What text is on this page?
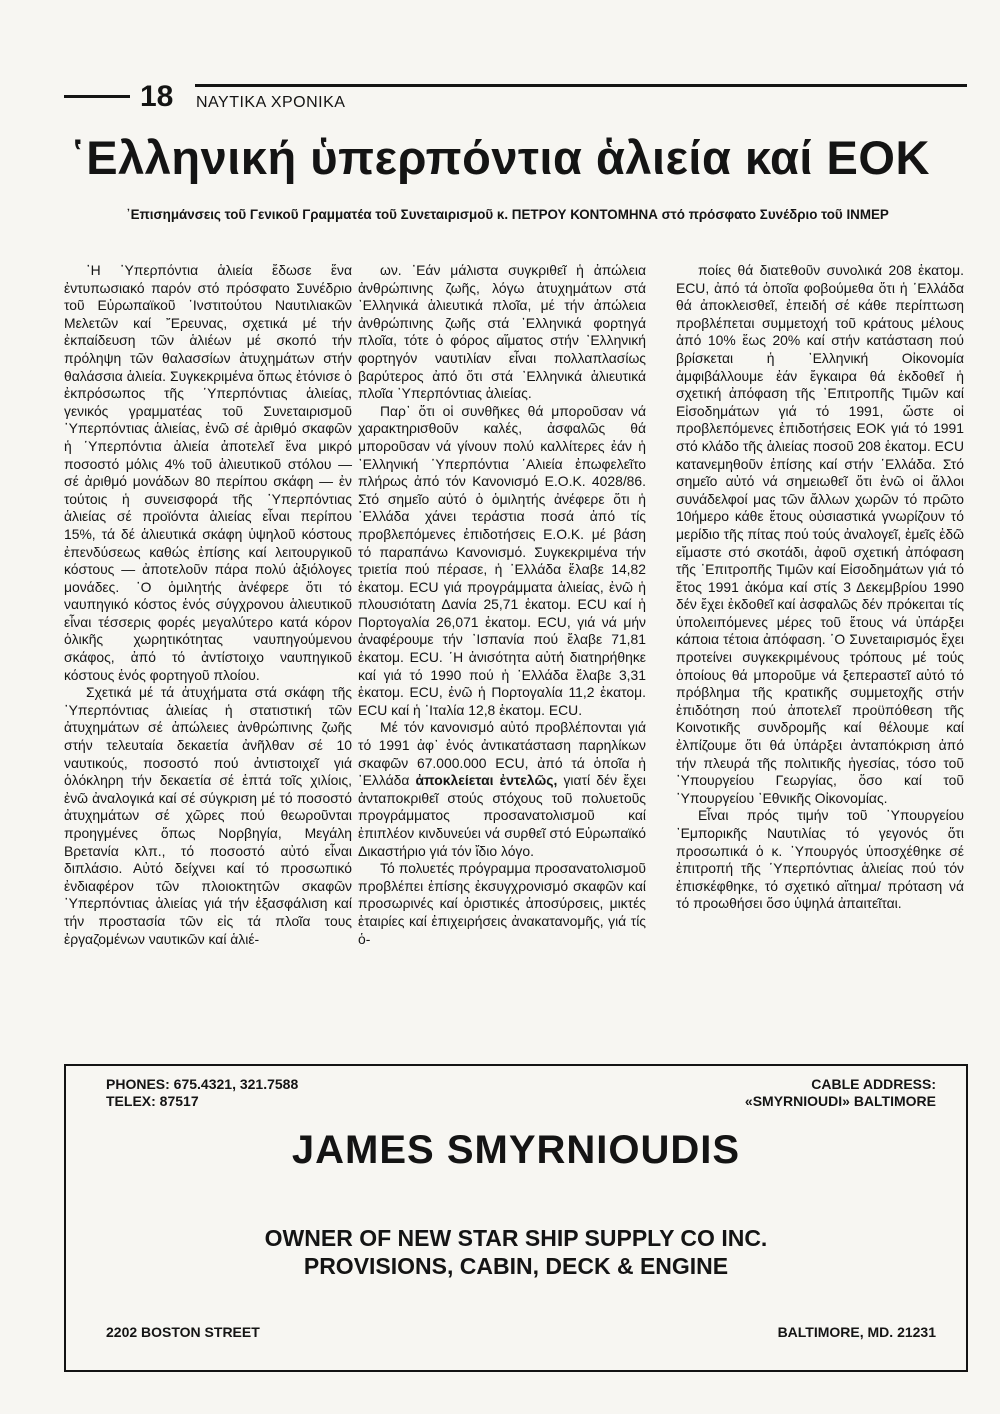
18 ΝΑΥΤΙΚΑ ΧΡΟΝΙΚΑ
῾Ελληνική ὑπερπόντια ἁλιεία καί ΕΟΚ
᾽Επισημάνσεις τοῦ Γενικοῦ Γραμματέα τοῦ Συνεταιρισμοῦ κ. ΠΕΤΡΟΥ ΚΟΝΤΟΜΗΝΑ στό πρόσφατο Συνέδριο τοῦ ΙΝΜΕΡ

῾Η ῾Υπερπόντια ἁλιεία ἔδωσε ἕνα ἐντυπωσιακό παρόν στό πρόσφατο Συνέδριο τοῦ Εὐρωπαϊκοῦ ᾽Ινστιτούτου Ναυτιλιακῶν Μελετῶν καί ῎Ερευνας, σχετικά μέ τήν ἐκπαίδευση τῶν ἁλιέων μέ σκοπό τήν πρόληψη τῶν θαλασσίων ἀτυχημάτων στήν θαλάσσια ἁλιεία. Συγκεκριμένα ὅπως ἐτόνισε ὁ ἐκπρόσωπος τῆς ῾Υπερπόντιας ἁλιείας, γενικός γραμματέας τοῦ Συνεταιρισμοῦ ῾Υπερπόντιας ἁλιείας, ἐνῶ σέ ἀριθμό σκαφῶν ἡ ῾Υπερπόντια ἁλιεία ἀποτελεῖ ἕνα μικρό ποσοστό μόλις 4% τοῦ ἁλιευτικοῦ στόλου — σέ ἀριθμό μονάδων 80 περίπου σκάφη — ἐν τούτοις ἡ συνεισφορά τῆς ῾Υπερπόντιας ἁλιείας σέ προϊόντα ἁλιείας εἶναι περίπου 15%, τά δέ ἁλιευτικά σκάφη ὑψηλοῦ κόστους ἐπενδύσεως καθώς ἐπίσης καί λειτουργικοῦ κόστους — ἀποτελοῦν πάρα πολύ ἀξιόλογες μονάδες. ῾Ο ὁμιλητής ἀνέφερε ὅτι τό ναυπηγικό κόστος ἑνός σύγχρονου ἁλιευτικοῦ εἶναι τέσσερις φορές μεγαλύτερο κατά κόρον ὁλικῆς χωρητικότητας ναυπηγούμενου σκάφος, ἀπό τό ἀντίστοιχο ναυπηγικοῦ κόστους ἑνός φορτηγοῦ πλοίου.

Σχετικά μέ τά ἀτυχήματα στά σκάφη τῆς ῾Υπερπόντιας ἁλιείας ἡ στατιστική τῶν ἀτυχημάτων σέ ἀπώλειες ἀνθρώπινης ζωῆς στήν τελευταία δεκαετία ἀνῆλθαν σέ 10 ναυτικούς, ποσοστό πού ἀντιστοιχεῖ γιά ὁλόκληρη τήν δεκαετία σέ ἑπτά τοῖς χιλίοις, ἐνῶ ἀναλογικά καί σέ σύγκριση μέ τό ποσοστό ἀτυχημάτων σέ χῶρες πού θεωροῦνται προηγμένες ὅπως Νορβηγία, Μεγάλη Βρετανία κλπ., τό ποσοστό αὐτό εἶναι διπλάσιο. Αὐτό δείχνει καί τό προσωπικό ἐνδιαφέρον τῶν πλοιοκτητῶν σκαφῶν ῾Υπερπόντιας ἁλιείας γιά τήν ἐξασφάλιση καί τήν προστασία τῶν εἰς τά πλοῖα τους ἐργαζομένων ναυτικῶν καί ἁλιέ-

ων. ᾽Εάν μάλιστα συγκριθεῖ ἡ ἀπώλεια ἀνθρώπινης ζωῆς, λόγω ἀτυχημάτων στά ᾽Ελληνικά ἁλιευτικά πλοῖα, μέ τήν ἀπώλεια ἀνθρώπινης ζωῆς στά ᾽Ελληνικά φορτηγά πλοῖα, τότε ὁ φόρος αἵματος στήν ᾽Ελληνική φορτηγόν ναυτιλίαν εἶναι πολλαπλασίως βαρύτερος ἀπό ὅτι στά ᾽Ελληνικά ἁλιευτικά πλοῖα ῾Υπερπόντιας ἁλιείας.

Παρ᾽ ὅτι οἱ συνθῆκες θά μποροῦσαν νά χαρακτηρισθοῦν καλές, ἀσφαλῶς θά μποροῦσαν νά γίνουν πολύ καλλίτερες ἐάν ἡ ᾽Ελληνική ῾Υπερπόντια ῾Αλιεία ἐπωφελεῖτο πλήρως ἀπό τόν Κανονισμό Ε.Ο.Κ. 4028/86. Στό σημεῖο αὐτό ὁ ὁμιλητής ἀνέφερε ὅτι ἡ ῾Ελλάδα χάνει τεράστια ποσά ἀπό τίς προβλεπόμενες ἐπιδοτήσεις Ε.Ο.Κ. μέ βάση τό παραπάνω Κανονισμό. Συγκεκριμένα τήν τριετία πού πέρασε, ἡ ῾Ελλάδα ἔλαβε 14,82 ἑκατομ. ECU γιά προγράμματα ἁλιείας, ἐνῶ ἡ πλουσιότατη Δανία 25,71 ἑκατομ. ECU καί ἡ Πορτογαλία 26,071 ἑκατομ. ECU, γιά νά μήν ἀναφέρουμε τήν ᾽Ισπανία πού ἔλαβε 71,81 ἑκατομ. ECU. ῾Η ἀνισότητα αὐτή διατηρήθηκε καί γιά τό 1990 πού ἡ ῾Ελλάδα ἔλαβε 3,31 ἑκατομ. ECU, ἐνῶ ἡ Πορτογαλία 11,2 ἑκατομ. ECU καί ἡ ᾽Ιταλία 12,8 ἑκατομ. ECU.

Μέ τόν κανονισμό αὐτό προβλέπονται γιά τό 1991 ἀφ᾽ ἑνός ἀντικατάσταση παρηλίκων σκαφῶν 67.000.000 ECU, ἀπό τά ὁποῖα ἡ ῾Ελλάδα ἀποκλείεται ἐντελῶς, γιατί δέν ἔχει ἀνταποκριθεῖ στούς στόχους τοῦ πολυετοῦς προγράμματος προσανατολισμοῦ καί ἐπιπλέον κινδυνεύει νά συρθεῖ στό Εὐρωπαϊκό Δικαστήριο γιά τόν ἴδιο λόγο.

Τό πολυετές πρόγραμμα προσανατολισμοῦ προβλέπει ἐπίσης ἐκσυγχρονισμό σκαφῶν καί προσωρινές καί ὁριστικές ἀποσύρσεις, μικτές ἑταιρίες καί ἐπιχειρήσεις ἀνακατανομῆς, γιά τίς ὁ-

ποίες θά διατεθοῦν συνολικά 208 ἑκατομ. ECU, ἀπό τά ὁποῖα φοβούμεθα ὅτι ἡ ῾Ελλάδα θά ἀποκλεισθεῖ, ἐπειδή σέ κάθε περίπτωση προβλέπεται συμμετοχή τοῦ κράτους μέλους ἀπό 10% ἕως 20% καί στήν κατάσταση πού βρίσκεται ἡ ᾽Ελληνική Οἰκονομία ἀμφιβάλλουμε ἐάν ἔγκαιρα θά ἐκδοθεῖ ἡ σχετική ἀπόφαση τῆς ᾽Επιτροπῆς Τιμῶν καί Εἰσοδημάτων γιά τό 1991, ὥστε οἱ προβλεπόμενες ἐπιδοτήσεις ΕΟΚ γιά τό 1991 στό κλάδο τῆς ἁλιείας ποσοῦ 208 ἑκατομ. ECU κατανεμηθοῦν ἐπίσης καί στήν ῾Ελλάδα. Στό σημεῖο αὐτό νά σημειωθεῖ ὅτι ἐνῶ οἱ ἄλλοι συνάδελφοί μας τῶν ἄλλων χωρῶν τό πρῶτο 10ήμερο κάθε ἔτους οὐσιαστικά γνωρίζουν τό μερίδιο τῆς πίτας πού τούς ἀναλογεῖ, ἐμεῖς ἐδῶ εἴμαστε στό σκοτάδι, ἀφοῦ σχετική ἀπόφαση τῆς ᾽Επιτροπῆς Τιμῶν καί Εἰσοδημάτων γιά τό ἔτος 1991 ἀκόμα καί στίς 3 Δεκεμβρίου 1990 δέν ἔχει ἐκδοθεῖ καί ἀσφαλῶς δέν πρόκειται τίς ὑπολειπόμενες μέρες τοῦ ἔτους νά ὑπάρξει κάποια τέτοια ἀπόφαση. ῾Ο Συνεταιρισμός ἔχει προτείνει συγκεκριμένους τρόπους μέ τούς ὁποίους θά μποροῦμε νά ξεπεραστεῖ αὐτό τό πρόβλημα τῆς κρατικῆς συμμετοχῆς στήν ἐπιδότηση πού ἀποτελεῖ προϋπόθεση τῆς Κοινοτικῆς συνδρομῆς καί θέλουμε καί ἐλπίζουμε ὅτι θά ὑπάρξει ἀνταπόκριση ἀπό τήν πλευρά τῆς πολιτικῆς ἡγεσίας, τόσο τοῦ ῾Υπουργείου Γεωργίας, ὅσο καί τοῦ ῾Υπουργείου ᾽Εθνικῆς Οἰκονομίας.

Εἶναι πρός τιμήν τοῦ ῾Υπουργείου ᾽Εμπορικῆς Ναυτιλίας τό γεγονός ὅτι προσωπικά ὁ κ. ῾Υπουργός ὑποσχέθηκε σέ ἐπιτροπή τῆς ῾Υπερπόντιας ἁλιείας πού τόν ἐπισκέφθηκε, τό σχετικό αἴτημα/ πρόταση νά τό προωθήσει ὅσο ὑψηλά ἀπαιτεῖται.

PHONES: 675.4321, 321.7588
TELEX: 87517
CABLE ADDRESS:
«SMYRNIOUDI» BALTIMORE
JAMES SMYRNIOUDIS
OWNER OF NEW STAR SHIP SUPPLY CO INC.
PROVISIONS, CABIN, DECK & ENGINE
2202 BOSTON STREET	BALTIMORE, MD. 21231
